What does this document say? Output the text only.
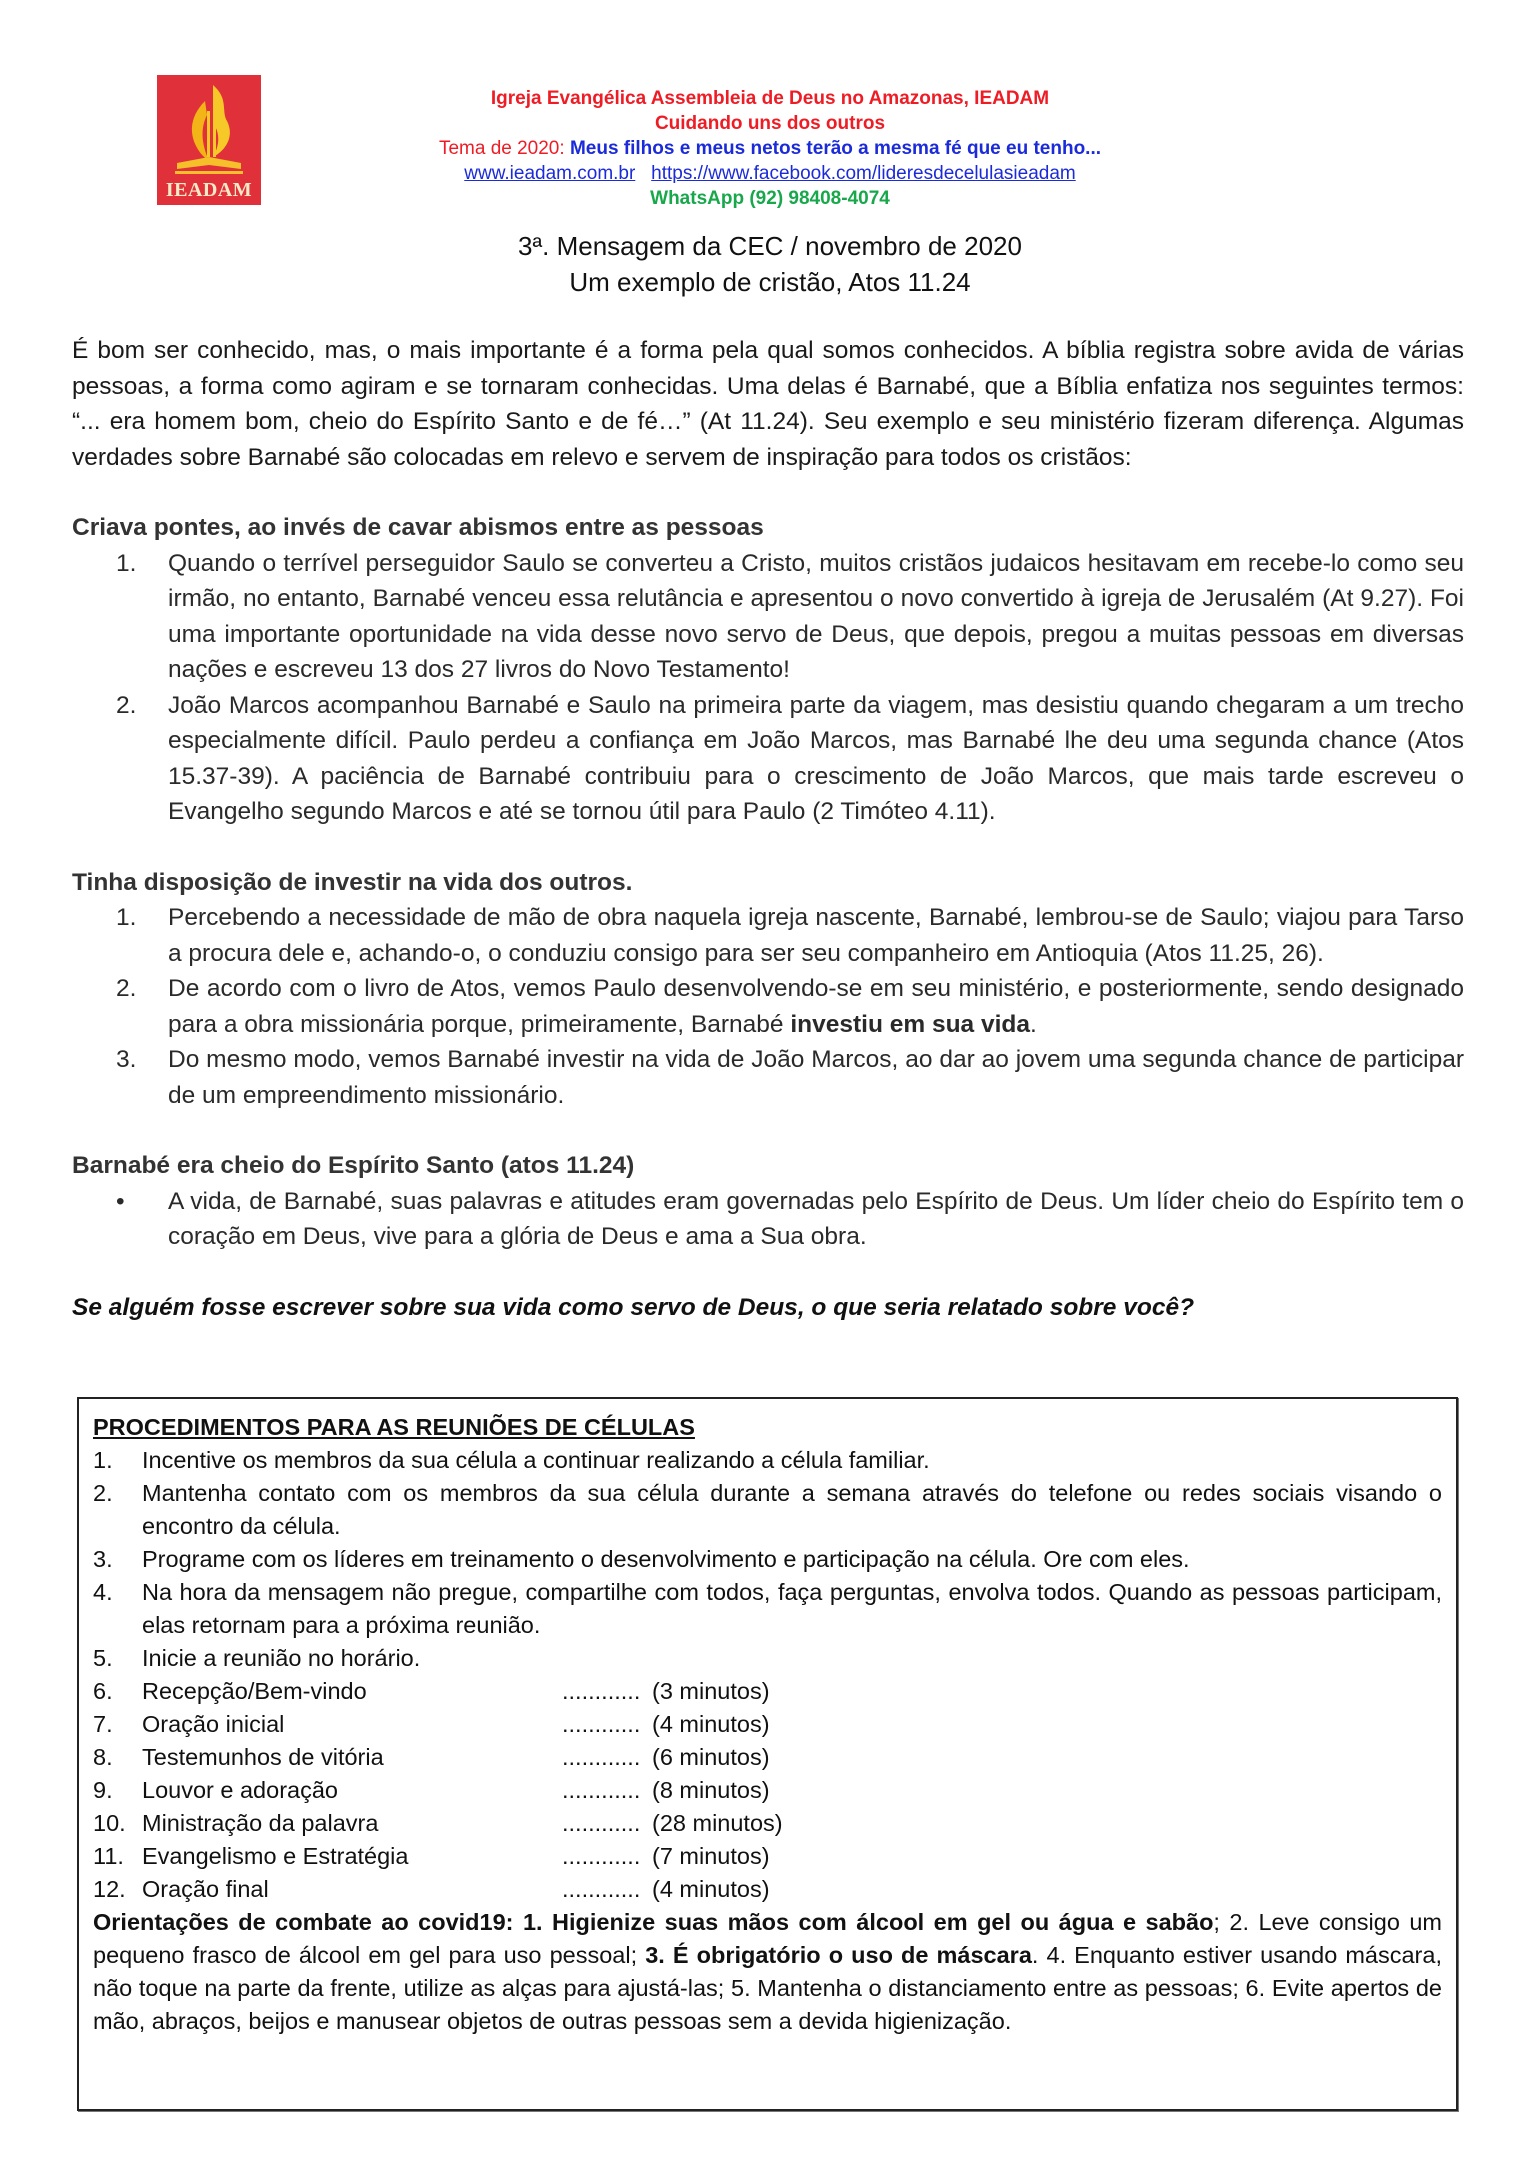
IEADAM
Igreja Evangélica Assembleia de Deus no Amazonas, IEADAM
Cuidando uns dos outros
Tema de 2020: Meus filhos e meus netos terão a mesma fé que eu tenho...
www.ieadam.com.br https://www.facebook.com/lideresdecelulasieadam
WhatsApp (92) 98408-4074
3ª. Mensagem da CEC / novembro de 2020
Um exemplo de cristão, Atos 11.24

É bom ser conhecido, mas, o mais importante é a forma pela qual somos conhecidos. A bíblia registra sobre avida de várias pessoas, a forma como agiram e se tornaram conhecidas. Uma delas é Barnabé, que a Bíblia enfatiza nos seguintes termos: “... era homem bom, cheio do Espírito Santo e de fé…” (At 11.24). Seu exemplo e seu ministério fizeram diferença. Algumas verdades sobre Barnabé são colocadas em relevo e servem de inspiração para todos os cristãos:

Criava pontes, ao invés de cavar abismos entre as pessoas

1. Quando o terrível perseguidor Saulo se converteu a Cristo, muitos cristãos judaicos hesitavam em recebe-lo como seu irmão, no entanto, Barnabé venceu essa relutância e apresentou o novo convertido à igreja de Jerusalém (At 9.27). Foi uma importante oportunidade na vida desse novo servo de Deus, que depois, pregou a muitas pessoas em diversas nações e escreveu 13 dos 27 livros do Novo Testamento!
2. João Marcos acompanhou Barnabé e Saulo na primeira parte da viagem, mas desistiu quando chegaram a um trecho especialmente difícil. Paulo perdeu a confiança em João Marcos, mas Barnabé lhe deu uma segunda chance (Atos 15.37-39). A paciência de Barnabé contribuiu para o crescimento de João Marcos, que mais tarde escreveu o Evangelho segundo Marcos e até se tornou útil para Paulo (2 Timóteo 4.11).

Tinha disposição de investir na vida dos outros.

1. Percebendo a necessidade de mão de obra naquela igreja nascente, Barnabé, lembrou-se de Saulo; viajou para Tarso a procura dele e, achando-o, o conduziu consigo para ser seu companheiro em Antioquia (Atos 11.25, 26).
2. De acordo com o livro de Atos, vemos Paulo desenvolvendo-se em seu ministério, e posteriormente, sendo designado para a obra missionária porque, primeiramente, Barnabé investiu em sua vida.
3. Do mesmo modo, vemos Barnabé investir na vida de João Marcos, ao dar ao jovem uma segunda chance de participar de um empreendimento missionário.

Barnabé era cheio do Espírito Santo (atos 11.24)

• A vida, de Barnabé, suas palavras e atitudes eram governadas pelo Espírito de Deus. Um líder cheio do Espírito tem o coração em Deus, vive para a glória de Deus e ama a Sua obra.

Se alguém fosse escrever sobre sua vida como servo de Deus, o que seria relatado sobre você?

PROCEDIMENTOS PARA AS REUNIÕES DE CÉLULAS

1. Incentive os membros da sua célula a continuar realizando a célula familiar.
2. Mantenha contato com os membros da sua célula durante a semana através do telefone ou redes sociais visando o encontro da célula.
3. Programe com os líderes em treinamento o desenvolvimento e participação na célula. Ore com eles.
4. Na hora da mensagem não pregue, compartilhe com todos, faça perguntas, envolva todos. Quando as pessoas participam, elas retornam para a próxima reunião.
5. Inicie a reunião no horário.
6. Recepção/Bem-vindo	............ (3 minutos)
7. Oração inicial	............ (4 minutos)
8. Testemunhos de vitória	............ (6 minutos)
9. Louvor e adoração	............ (8 minutos)
10. Ministração da palavra	............ (28 minutos)
11. Evangelismo e Estratégia	............ (7 minutos)
12. Oração final	............ (4 minutos)

Orientações de combate ao covid19: 1. Higienize suas mãos com álcool em gel ou água e sabão; 2. Leve consigo um pequeno frasco de álcool em gel para uso pessoal; 3. É obrigatório o uso de máscara. 4. Enquanto estiver usando máscara, não toque na parte da frente, utilize as alças para ajustá-las; 5. Mantenha o distanciamento entre as pessoas; 6. Evite apertos de mão, abraços, beijos e manusear objetos de outras pessoas sem a devida higienização.
